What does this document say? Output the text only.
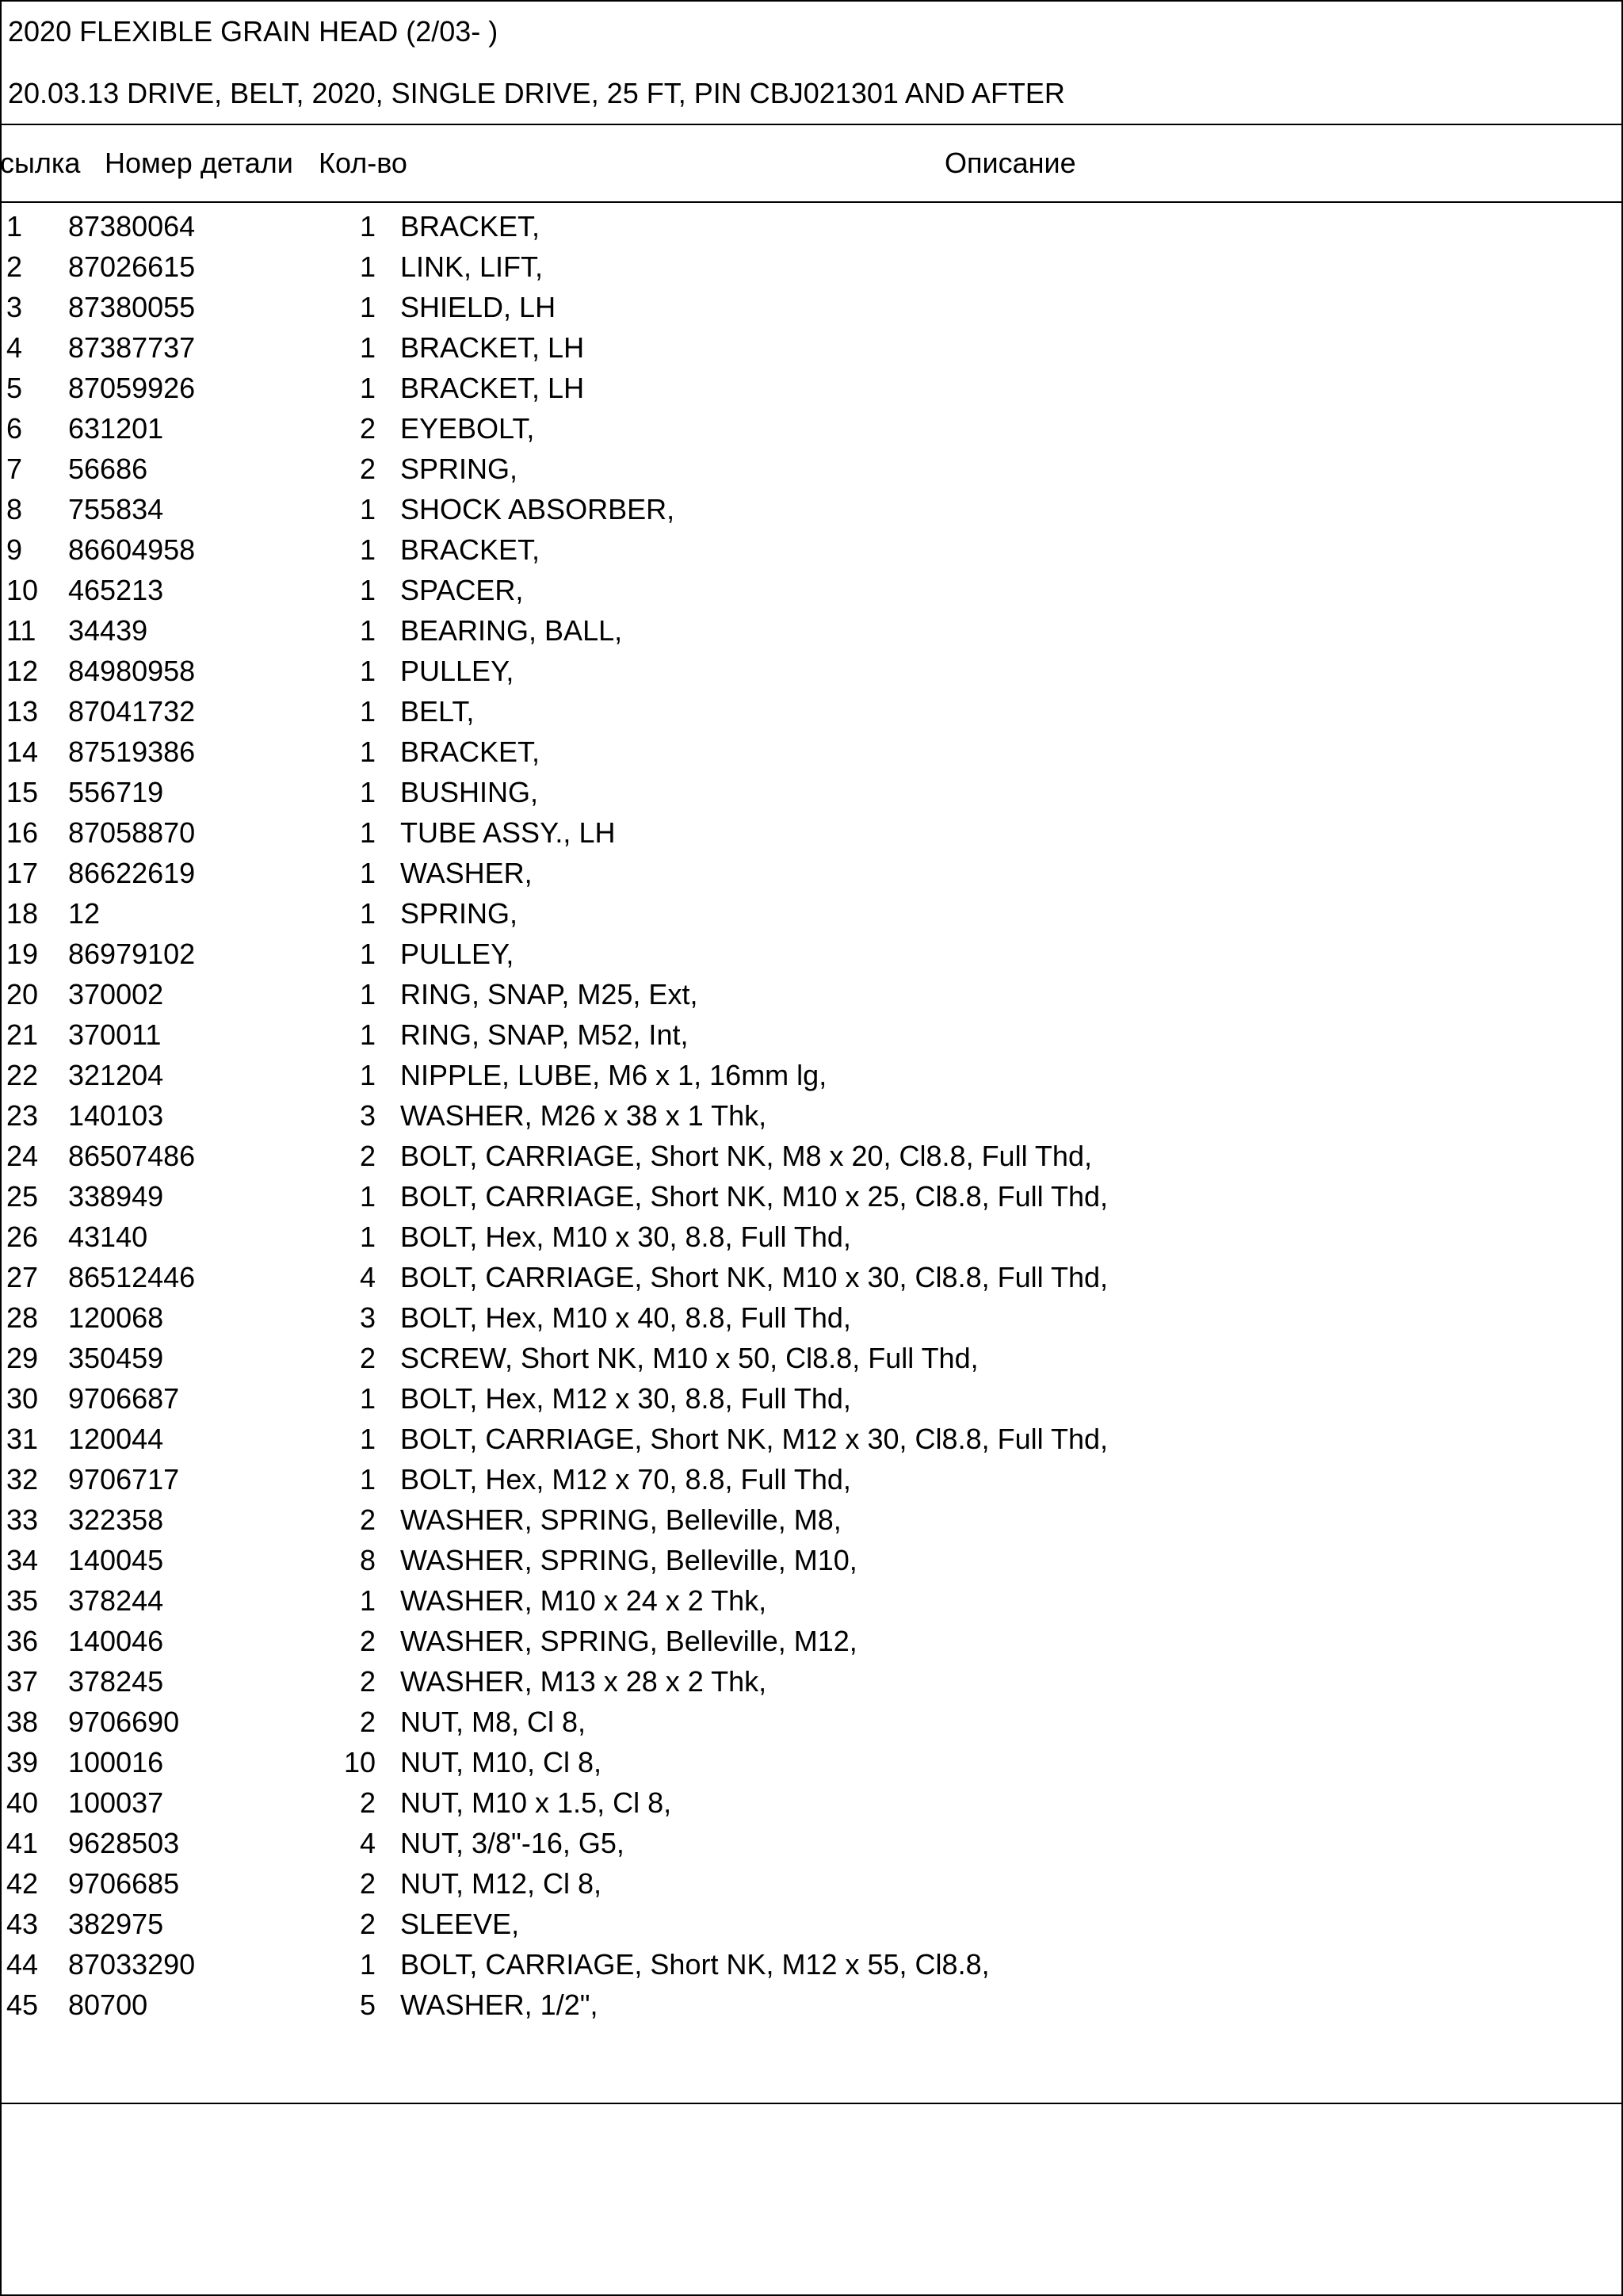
2020 FLEXIBLE GRAIN HEAD (2/03- )
20.03.13 DRIVE, BELT, 2020, SINGLE DRIVE, 25 FT, PIN CBJ021301 AND AFTER
сылка Номер детали Кол-во	Описание
1 87380064	1 BRACKET,
2 87026615	1 LINK, LIFT,
3 87380055	1 SHIELD, LH
4 87387737	1 BRACKET, LH
5 87059926	1 BRACKET, LH
6 631201	2 EYEBOLT,
7 56686	2 SPRING,
8 755834	1 SHOCK ABSORBER,
9 86604958	1 BRACKET,
10 465213	1 SPACER,
11 34439	1 BEARING, BALL,
12 84980958	1 PULLEY,
13 87041732	1 BELT,
14 87519386	1 BRACKET,
15 556719	1 BUSHING,
16 87058870	1 TUBE ASSY., LH
17 86622619	1 WASHER,
18 12	1 SPRING,
19 86979102	1 PULLEY,
20 370002	1 RING, SNAP, M25, Ext,
21 370011	1 RING, SNAP, M52, Int,
22 321204	1 NIPPLE, LUBE, M6 x 1, 16mm lg,
23 140103	3 WASHER, M26 x 38 x 1 Thk,
24 86507486	2 BOLT, CARRIAGE, Short NK, M8 x 20, Cl8.8, Full Thd,
25 338949	1 BOLT, CARRIAGE, Short NK, M10 x 25, Cl8.8, Full Thd,
26 43140	1 BOLT, Hex, M10 x 30, 8.8, Full Thd,
27 86512446	4 BOLT, CARRIAGE, Short NK, M10 x 30, Cl8.8, Full Thd,
28 120068	3 BOLT, Hex, M10 x 40, 8.8, Full Thd,
29 350459	2 SCREW, Short NK, M10 x 50, Cl8.8, Full Thd,
30 9706687	1 BOLT, Hex, M12 x 30, 8.8, Full Thd,
31 120044	1 BOLT, CARRIAGE, Short NK, M12 x 30, Cl8.8, Full Thd,
32 9706717	1 BOLT, Hex, M12 x 70, 8.8, Full Thd,
33 322358	2 WASHER, SPRING, Belleville, M8,
34 140045	8 WASHER, SPRING, Belleville, M10,
35 378244	1 WASHER, M10 x 24 x 2 Thk,
36 140046	2 WASHER, SPRING, Belleville, M12,
37 378245	2 WASHER, M13 x 28 x 2 Thk,
38 9706690	2 NUT, M8, Cl 8,
39 100016	10 NUT, M10, Cl 8,
40 100037	2 NUT, M10 x 1.5, Cl 8,
41 9628503	4 NUT, 3/8"-16, G5,
42 9706685	2 NUT, M12, Cl 8,
43 382975	2 SLEEVE,
44 87033290	1 BOLT, CARRIAGE, Short NK, M12 x 55, Cl8.8,
45 80700	5 WASHER, 1/2",
